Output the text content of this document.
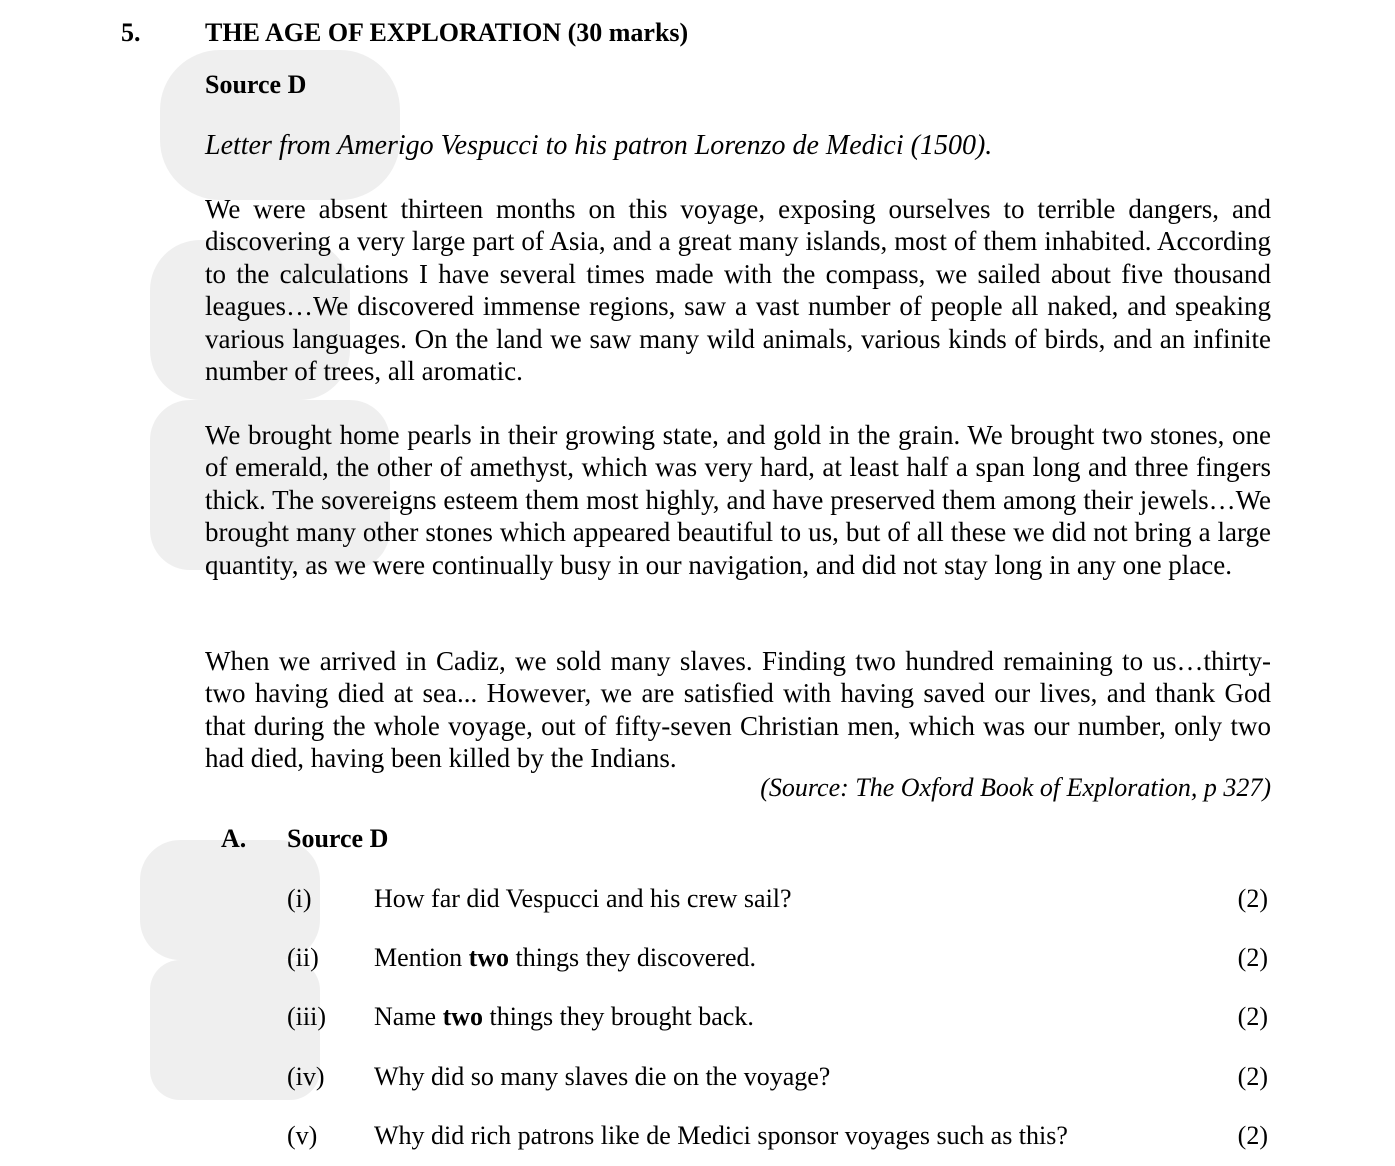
5. THE AGE OF EXPLORATION (30 marks)
Source D
Letter from Amerigo Vespucci to his patron Lorenzo de Medici (1500).

We were absent thirteen months on this voyage, exposing ourselves to terrible dangers, and discovering a very large part of Asia, and a great many islands, most of them inhabited. According to the calculations I have several times made with the compass, we sailed about five thousand leagues…We discovered immense regions, saw a vast number of people all naked, and speaking various languages. On the land we saw many wild animals, various kinds of birds, and an infinite number of trees, all aromatic.

We brought home pearls in their growing state, and gold in the grain. We brought two stones, one of emerald, the other of amethyst, which was very hard, at least half a span long and three fingers thick. The sovereigns esteem them most highly, and have preserved them among their jewels…We brought many other stones which appeared beautiful to us, but of all these we did not bring a large quantity, as we were continually busy in our navigation, and did not stay long in any one place.

When we arrived in Cadiz, we sold many slaves. Finding two hundred remaining to us…thirty-two having died at sea... However, we are satisfied with having saved our lives, and thank God that during the whole voyage, out of fifty-seven Christian men, which was our number, only two had died, having been killed by the Indians.

(Source: The Oxford Book of Exploration, p 327)
A. Source D
(i) How far did Vespucci and his crew sail?	(2)
(ii) Mention two things they discovered.	(2)
(iii) Name two things they brought back.	(2)
(iv) Why did so many slaves die on the voyage?	(2)
(v) Why did rich patrons like de Medici sponsor voyages such as this?	(2)
